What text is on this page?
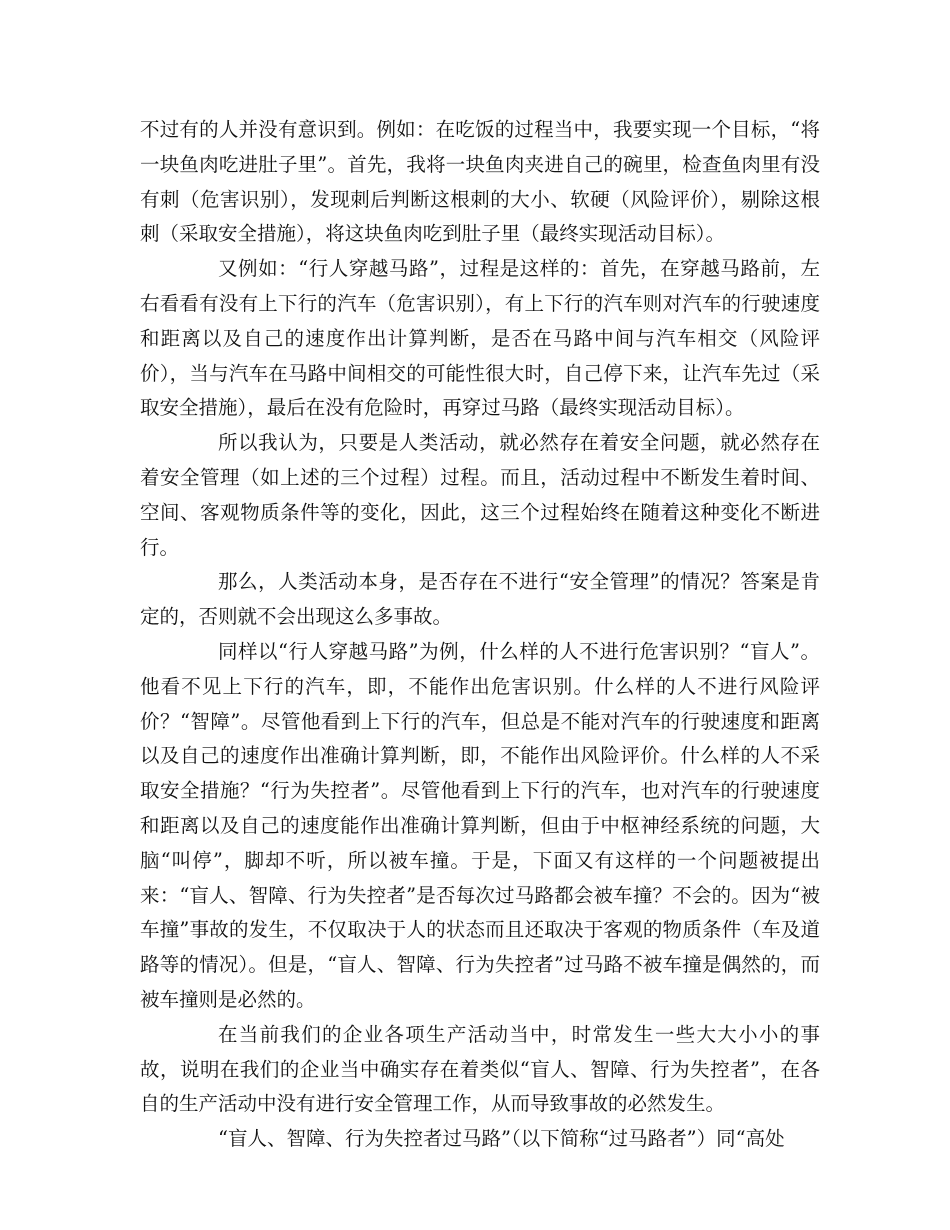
不过有的人并没有意识到。例如：在吃饭的过程当中，我要实现一个目标，“将一块鱼肉吃进肚子里”。首先，我将一块鱼肉夹进自己的碗里，检查鱼肉里有没有刺（危害识别），发现刺后判断这根刺的大小、软硬（风险评价），剔除这根刺（采取安全措施），将这块鱼肉吃到肚子里（最终实现活动目标）。

又例如：“行人穿越马路”，过程是这样的：首先，在穿越马路前，左右看看有没有上下行的汽车（危害识别），有上下行的汽车则对汽车的行驶速度和距离以及自己的速度作出计算判断，是否在马路中间与汽车相交（风险评价），当与汽车在马路中间相交的可能性很大时，自己停下来，让汽车先过（采取安全措施），最后在没有危险时，再穿过马路（最终实现活动目标）。

所以我认为，只要是人类活动，就必然存在着安全问题，就必然存在着安全管理（如上述的三个过程）过程。而且，活动过程中不断发生着时间、空间、客观物质条件等的变化，因此，这三个过程始终在随着这种变化不断进行。

那么，人类活动本身，是否存在不进行“安全管理”的情况？答案是肯定的，否则就不会出现这么多事故。

同样以“行人穿越马路”为例，什么样的人不进行危害识别？“盲人”。他看不见上下行的汽车，即，不能作出危害识别。什么样的人不进行风险评价？“智障”。尽管他看到上下行的汽车，但总是不能对汽车的行驶速度和距离以及自己的速度作出准确计算判断，即，不能作出风险评价。什么样的人不采取安全措施？“行为失控者”。尽管他看到上下行的汽车，也对汽车的行驶速度和距离以及自己的速度能作出准确计算判断，但由于中枢神经系统的问题，大脑“叫停”，脚却不听，所以被车撞。于是，下面又有这样的一个问题被提出来：“盲人、智障、行为失控者”是否每次过马路都会被车撞？不会的。因为“被车撞”事故的发生，不仅取决于人的状态而且还取决于客观的物质条件（车及道路等的情况）。但是，“盲人、智障、行为失控者”过马路不被车撞是偶然的，而被车撞则是必然的。

在当前我们的企业各项生产活动当中，时常发生一些大大小小的事故，说明在我们的企业当中确实存在着类似“盲人、智障、行为失控者”，在各自的生产活动中没有进行安全管理工作，从而导致事故的必然发生。

“盲人、智障、行为失控者过马路”（以下简称“过马路者”）同“高处
